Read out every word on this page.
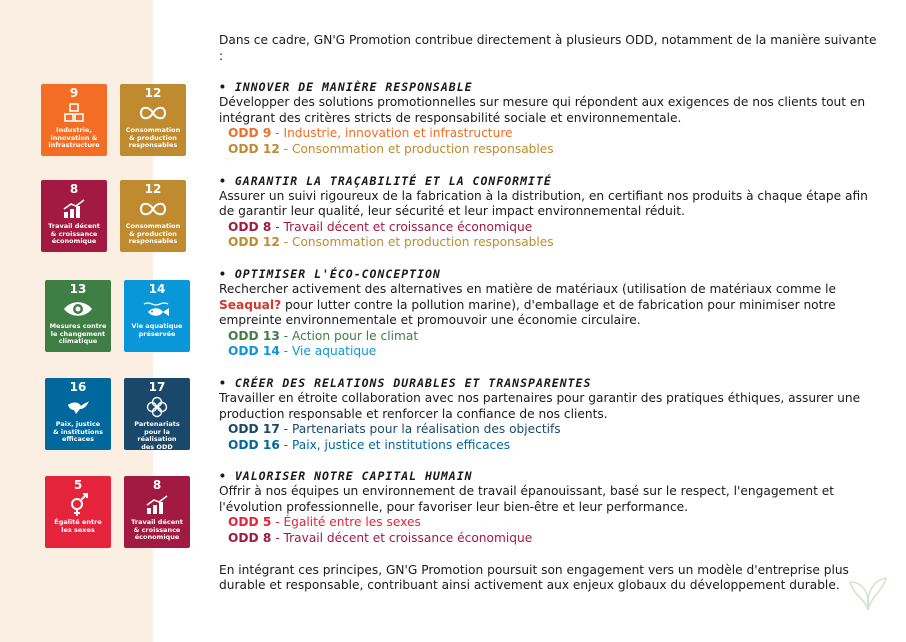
9
Industrie,
innovation &
infrastructure
12
Consommation
& production
responsables
8
Travail décent
& croissance
économique
12
Consommation
& production
responsables
13
Mesures contre
le changement
climatique
14
Vie aquatique
préservée
16
Paix, justice
& institutions
efficaces
17
Partenariats
pour la
réalisation
des ODD
5
Égalité entre
les sexes
8
Travail décent
& croissance
économique

Dans ce cadre, GN'G Promotion contribue directement à plusieurs ODD, notamment de la manière suivante :

• INNOVER DE MANIÈRE RESPONSABLE

Développer des solutions promotionnelles sur mesure qui répondent aux exigences de nos clients tout en intégrant des critères stricts de responsabilité sociale et environnementale.

ODD 9 - Industrie, innovation et infrastructure
ODD 12 - Consommation et production responsables
• GARANTIR LA TRAÇABILITÉ ET LA CONFORMITÉ

Assurer un suivi rigoureux de la fabrication à la distribution, en certifiant nos produits à chaque étape afin de garantir leur qualité, leur sécurité et leur impact environnemental réduit.

ODD 8 - Travail décent et croissance économique
ODD 12 - Consommation et production responsables
• OPTIMISER L'ÉCO-CONCEPTION

Rechercher activement des alternatives en matière de matériaux (utilisation de matériaux comme le Seaqual? pour lutter contre la pollution marine), d'emballage et de fabrication pour minimiser notre empreinte environnementale et promouvoir une économie circulaire.

ODD 13 - Action pour le climat
ODD 14 - Vie aquatique
• CRÉER DES RELATIONS DURABLES ET TRANSPARENTES

Travailler en étroite collaboration avec nos partenaires pour garantir des pratiques éthiques, assurer une production responsable et renforcer la confiance de nos clients.

ODD 17 - Partenariats pour la réalisation des objectifs
ODD 16 - Paix, justice et institutions efficaces
• VALORISER NOTRE CAPITAL HUMAIN

Offrir à nos équipes un environnement de travail épanouissant, basé sur le respect, l'engagement et l'évolution professionnelle, pour favoriser leur bien-être et leur performance.

ODD 5 - Égalité entre les sexes
ODD 8 - Travail décent et croissance économique

En intégrant ces principes, GN'G Promotion poursuit son engagement vers un modèle d'entreprise plus durable et responsable, contribuant ainsi activement aux enjeux globaux du développement durable.
